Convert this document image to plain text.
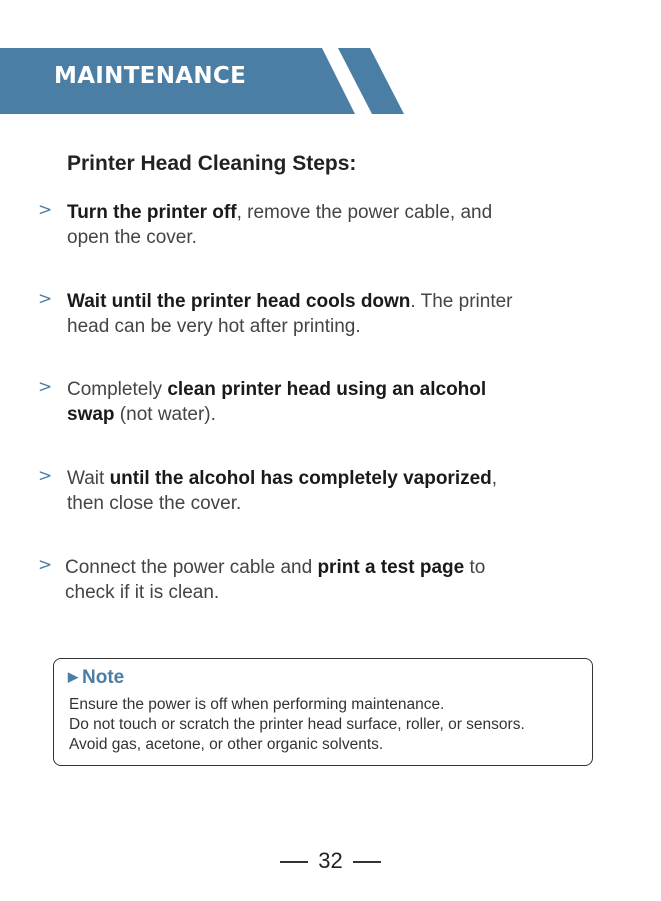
MAINTENANCE
Printer Head Cleaning Steps:
> Turn the printer off, remove the power cable, and open the cover.
> Wait until the printer head cools down. The printer head can be very hot after printing.
> Completely clean printer head using an alcohol swap (not water).
> Wait until the alcohol has completely vaporized, then close the cover.
> Connect the power cable and print a test page to check if it is clean.
▶ Note
Ensure the power is off when performing maintenance.
Do not touch or scratch the printer head surface, roller, or sensors.
Avoid gas, acetone, or other organic solvents.
32
